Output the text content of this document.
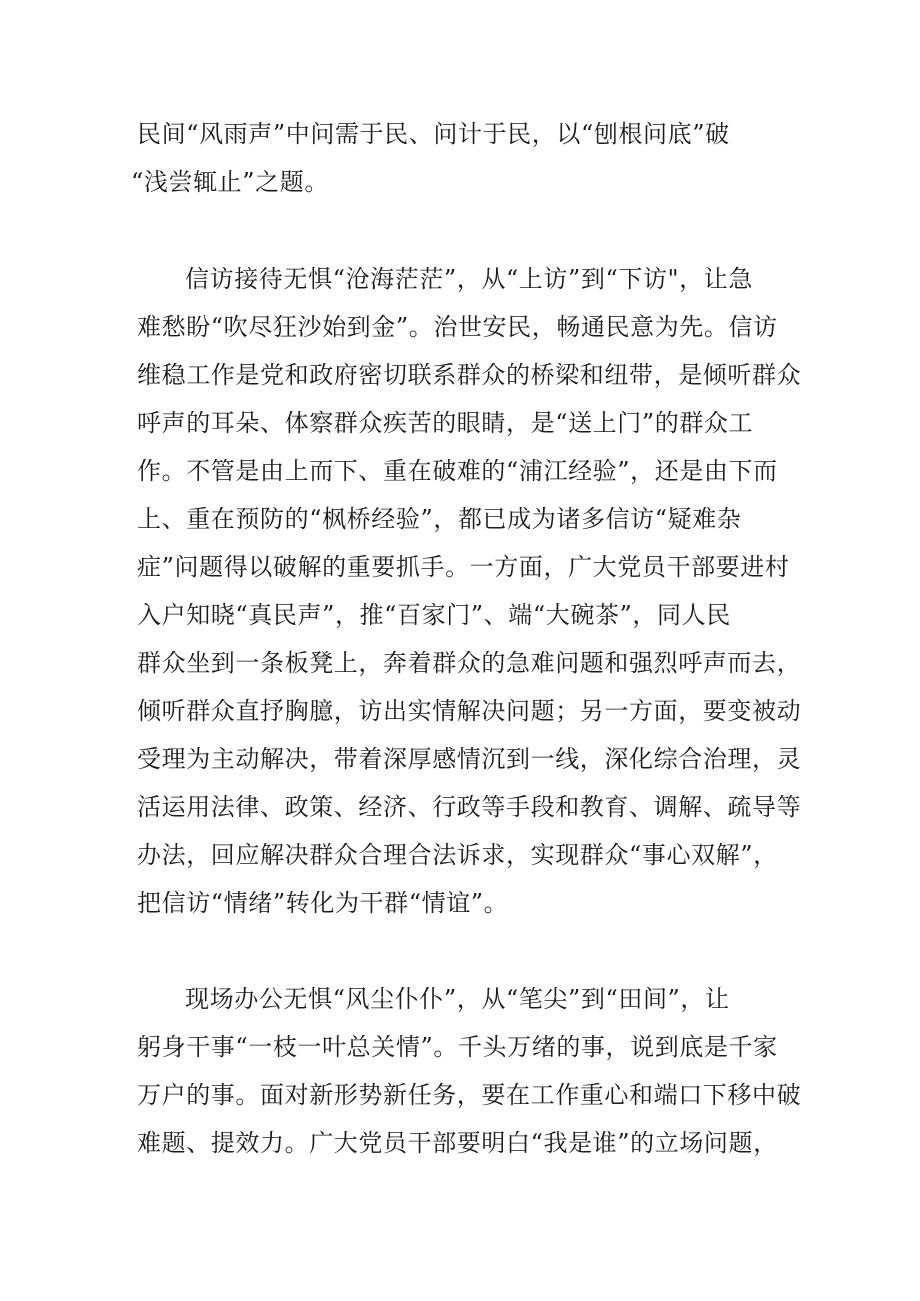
民间“风雨声”中问需于民、问计于民，以“刨根问底”破
“浅尝辄止”之题。
信访接待无惧“沧海茫茫”，从“上访”到“下访"，让急
难愁盼“吹尽狂沙始到金”。治世安民，畅通民意为先。信访
维稳工作是党和政府密切联系群众的桥梁和纽带，是倾听群众
呼声的耳朵、体察群众疾苦的眼睛，是“送上门”的群众工
作。不管是由上而下、重在破难的“浦江经验”，还是由下而
上、重在预防的“枫桥经验”，都已成为诸多信访“疑难杂
症”问题得以破解的重要抓手。一方面，广大党员干部要进村
入户知晓“真民声”，推“百家门”、端“大碗茶”，同人民
群众坐到一条板凳上，奔着群众的急难问题和强烈呼声而去，
倾听群众直抒胸臆，访出实情解决问题；另一方面，要变被动
受理为主动解决，带着深厚感情沉到一线，深化综合治理，灵
活运用法律、政策、经济、行政等手段和教育、调解、疏导等
办法，回应解决群众合理合法诉求，实现群众“事心双解”，
把信访“情绪”转化为干群“情谊”。
现场办公无惧“风尘仆仆”，从“笔尖”到“田间”，让
躬身干事“一枝一叶总关情”。千头万绪的事，说到底是千家
万户的事。面对新形势新任务，要在工作重心和端口下移中破
难题、提效力。广大党员干部要明白“我是谁”的立场问题，
